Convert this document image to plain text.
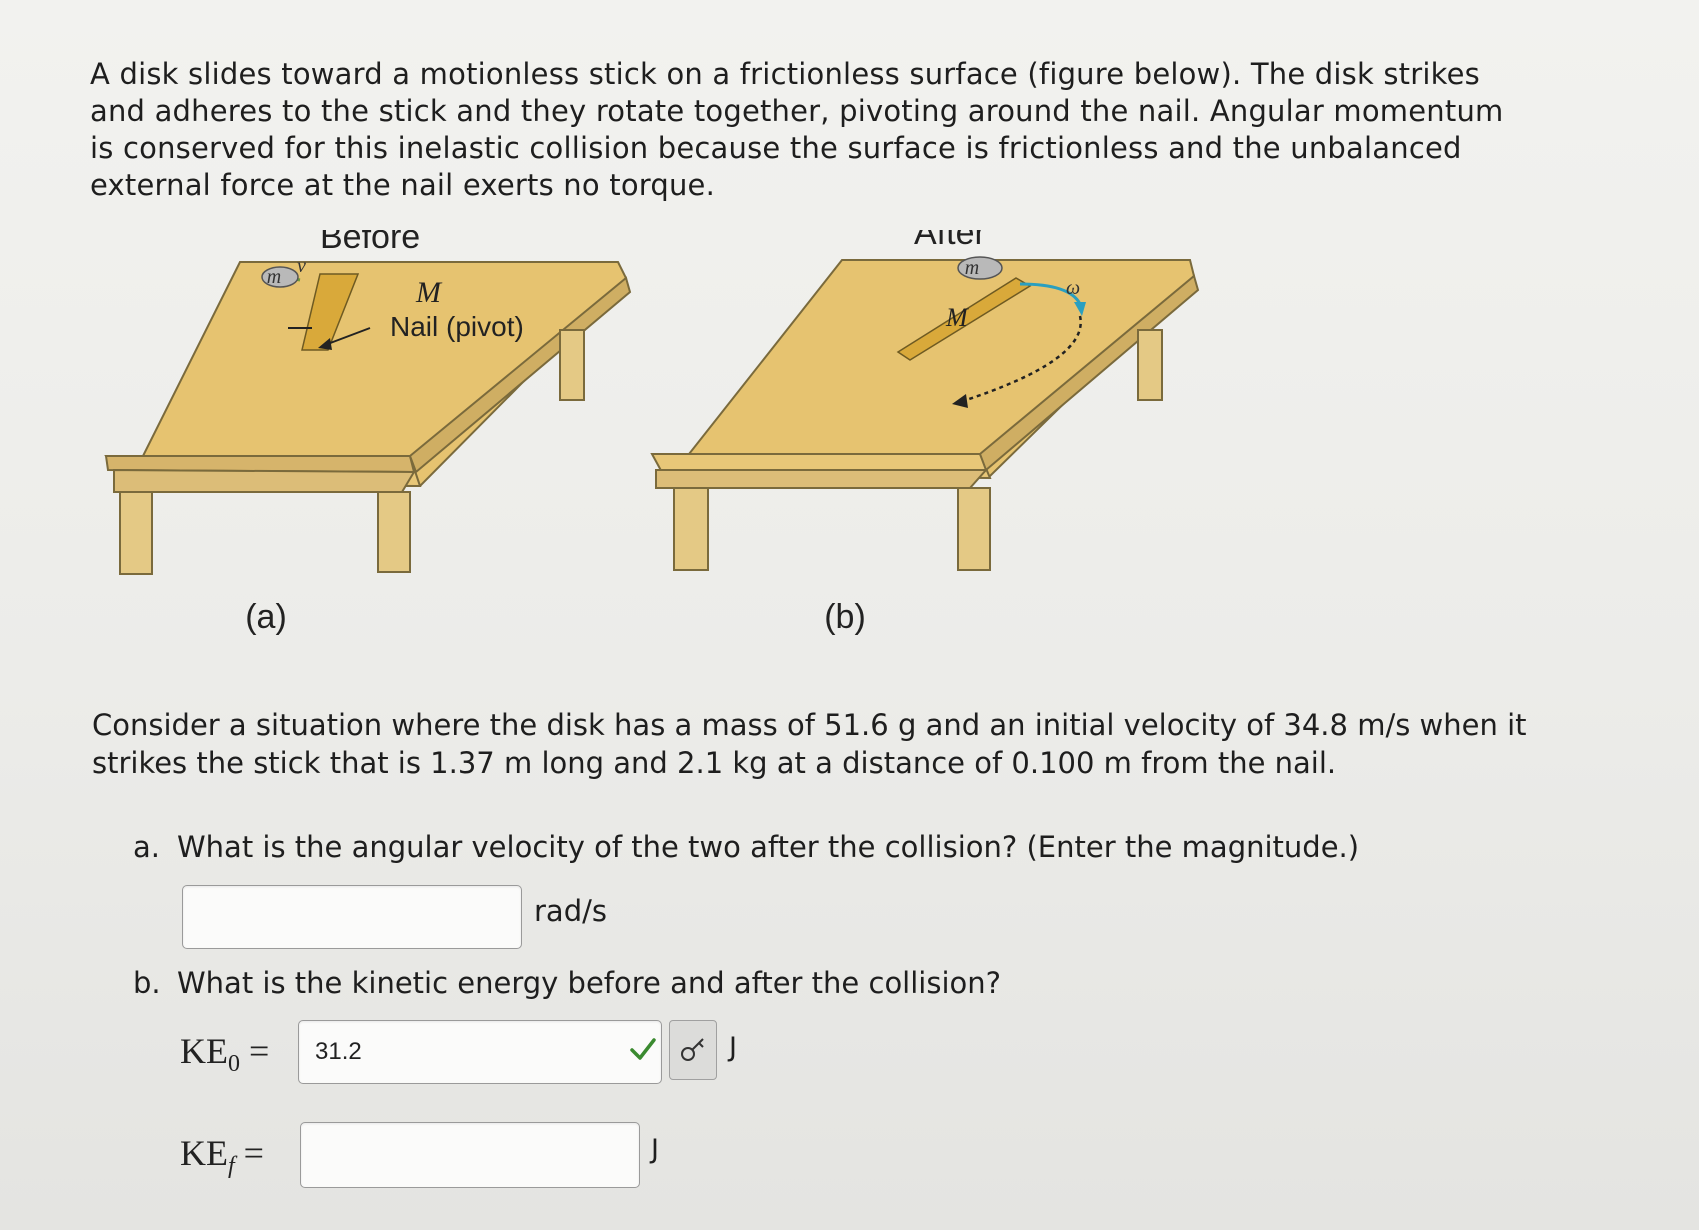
A disk slides toward a motionless stick on a frictionless surface (figure below). The disk strikes and adheres to the stick and they rotate together, pivoting around the nail. Angular momentum is conserved for this inelastic collision because the surface is frictionless and the unbalanced external force at the nail exerts no torque.
Before
m v
M
Nail (pivot)
(a)
After
m
M
ω
(b)
Consider a situation where the disk has a mass of 51.6 g and an initial velocity of 34.8 m/s when it strikes the stick that is 1.37 m long and 2.1 kg at a distance of 0.100 m from the nail.
a. What is the angular velocity of the two after the collision? (Enter the magnitude.)
rad/s
b. What is the kinetic energy before and after the collision?
$KE_0$ =	31.2	J
$KE_f$ =	J
